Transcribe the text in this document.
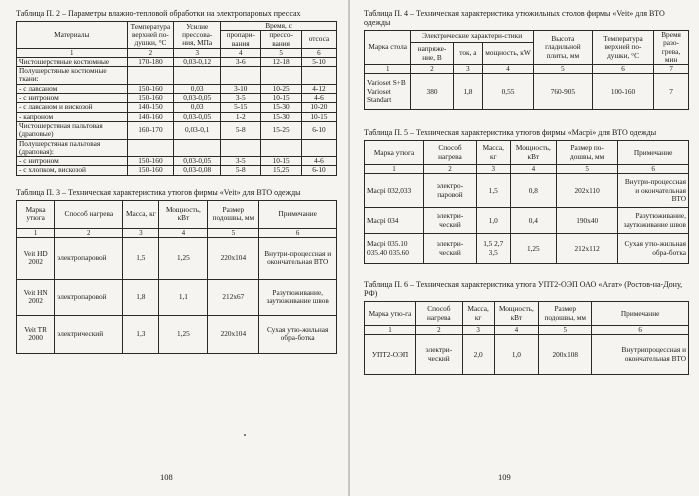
Таблица П. 2 – Параметры влажно-тепловой обработки на электропаровых прессах

Материалы	Температура верхней по-душки, °С	Усилие прессова-ния, МПа	Время, с		
			пропари-вания	прессо-вания	отсоса
1	2	3	4	5	6
Чистошерстяные костюмные	170-180	0,03-0,12	3-6	12-18	5-10
Полушерстяные костюмные ткани:					
- с лавсаном	150-160	0,03	3-10	10-25	4-12
- с нитроном	150-160	0,03-0,05	3-5	10-15	4-6
- с лавсаном и вискозой	140-150	0,03	5-15	15-30	10-20
- капроном	140-160	0,03-0,05	1-2	15-30	10-15
Чистошерстяная пальтовая (драповые)	160-170	0,03-0,1	5-8	15-25	6-10
Полушерстяная пальтовая (драповая):					
- с нитроном	150-160	0,03-0,05	3-5	10-15	4-6
- с хлопком, вискозой	150-160	0,03-0,08	5-8	15,25	6-10

Таблица П. 3 – Техническая характеристика утюгов фирмы «Veit» для ВТО одежды

Марка утюга	Способ нагрева	Масса, кг	Мощность, кВт	Размер подошвы, мм	Примечание
1	2	3	4	5	6
Veit HD 2002	электропаровой	1,5	1,25	220х104	Внутри-процессная и окончательная ВТО
Veit HN 2002	электропаровой	1,8	1,1	212х67	Разутюживание, заутюживание швов
Veit TR 2000	электрический	1,3	1,25	220х104	Сухая утю-жильная обра-ботка
108

Таблица П. 4 – Техническая характеристика утюжильных столов фирмы «Veit» для ВТО одежды

Марка стола	Электрические характери-стики			Высота гладильной плиты, мм	Температура верхней по-душки, °С	Время разо-грева, мин
	напряже-ние, В	ток, а	мощность, кW			
1	2	3	4	5	6	7
Varioset S+B Varioset Standart	380	1,8	0,55	760-905	100-160	7

Таблица П. 5 – Техническая характеристика утюгов фирмы «Macpi» для ВТО одежды

Марка утюга	Способ нагрева	Масса, кг	Мощность, кВт	Размер по-дошвы, мм	Примечание
1	2	3	4	5	6
Macpi 032,033	электро-паровой	1,5	0,8	202х110	Внутри-процессная и окончательная ВТО
Macpi 034	электри-ческий	1,0	0,4	190х40	Разутюживание, заутюживание швов
Macpi 035.10 035.40 035.60	электри-ческий	1,5 2,7 3,5	1,25	212х112	Сухая утю-жильная обра-ботка

Таблица П. 6 – Техническая характеристика утюга УПТ2-ОЭП ОАО «Агат» (Ростов-на-Дону, РФ)

Марка утю-га	Способ нагрева	Масса, кг	Мощность, кВт	Размер подошвы, мм	Примечание
1	2	3	4	5	6
УПТ2-ОЭП	электри-ческий	2,0	1,0	200х108	Внутрипроцессная и окончательная ВТО
109
